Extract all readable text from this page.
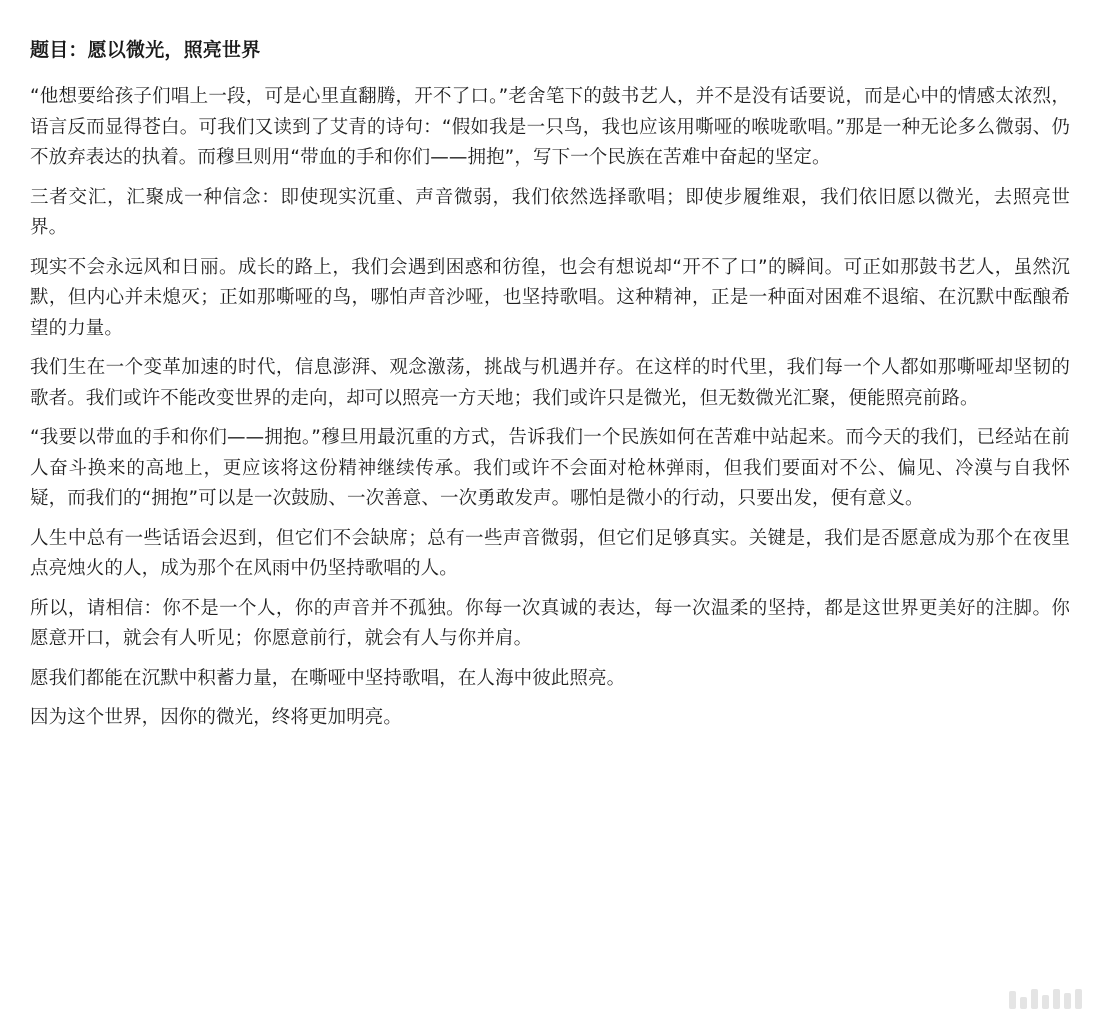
题目：愿以微光，照亮世界

“他想要给孩子们唱上一段，可是心里直翻腾，开不了口。”老舍笔下的鼓书艺人，并不是没有话要说，而是心中的情感太浓烈，语言反而显得苍白。可我们又读到了艾青的诗句：“假如我是一只鸟，我也应该用嘶哑的喉咙歌唱。”那是一种无论多么微弱、仍不放弃表达的执着。而穆旦则用“带血的手和你们——拥抱”，写下一个民族在苦难中奋起的坚定。

三者交汇，汇聚成一种信念：即使现实沉重、声音微弱，我们依然选择歌唱；即使步履维艰，我们依旧愿以微光，去照亮世界。

现实不会永远风和日丽。成长的路上，我们会遇到困惑和彷徨，也会有想说却“开不了口”的瞬间。可正如那鼓书艺人，虽然沉默，但内心并未熄灭；正如那嘶哑的鸟，哪怕声音沙哑，也坚持歌唱。这种精神，正是一种面对困难不退缩、在沉默中酝酿希望的力量。

我们生在一个变革加速的时代，信息澎湃、观念激荡，挑战与机遇并存。在这样的时代里，我们每一个人都如那嘶哑却坚韧的歌者。我们或许不能改变世界的走向，却可以照亮一方天地；我们或许只是微光，但无数微光汇聚，便能照亮前路。

“我要以带血的手和你们——拥抱。”穆旦用最沉重的方式，告诉我们一个民族如何在苦难中站起来。而今天的我们，已经站在前人奋斗换来的高地上，更应该将这份精神继续传承。我们或许不会面对枪林弹雨，但我们要面对不公、偏见、冷漠与自我怀疑，而我们的“拥抱”可以是一次鼓励、一次善意、一次勇敢发声。哪怕是微小的行动，只要出发，便有意义。

人生中总有一些话语会迟到，但它们不会缺席；总有一些声音微弱，但它们足够真实。关键是，我们是否愿意成为那个在夜里点亮烛火的人，成为那个在风雨中仍坚持歌唱的人。

所以，请相信：你不是一个人，你的声音并不孤独。你每一次真诚的表达，每一次温柔的坚持，都是这世界更美好的注脚。你愿意开口，就会有人听见；你愿意前行，就会有人与你并肩。

愿我们都能在沉默中积蓄力量，在嘶哑中坚持歌唱，在人海中彼此照亮。

因为这个世界，因你的微光，终将更加明亮。
